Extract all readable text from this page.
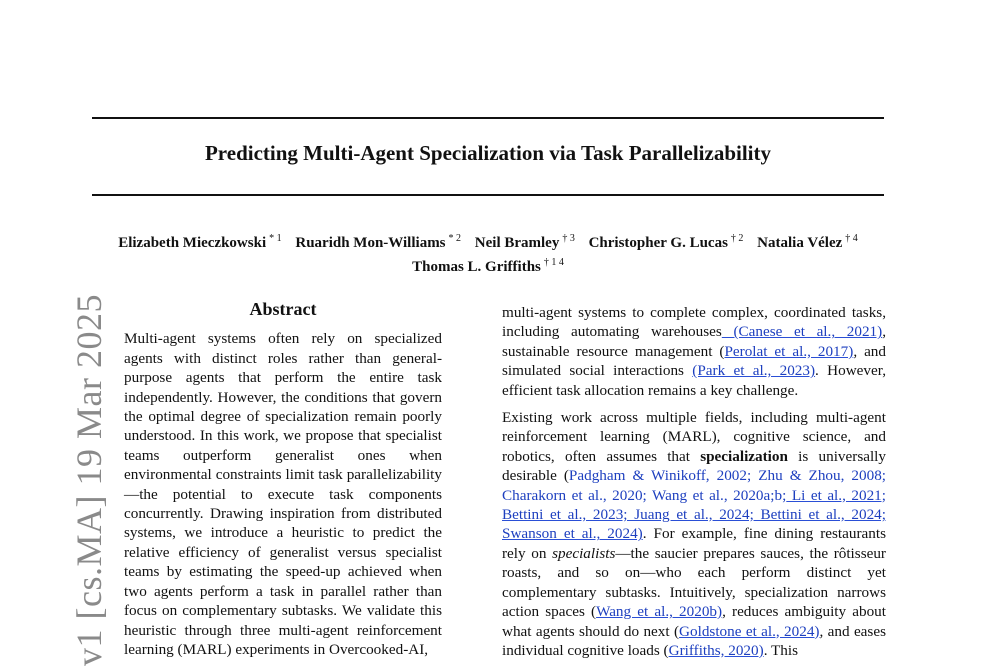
Predicting Multi-Agent Specialization via Task Parallelizability
Elizabeth Mieczkowski $^{* 1}$ Ruaridh Mon-Williams $^{* 2}$ Neil Bramley $^{\dagger 3}$ Christopher G. Lucas $^{\dagger 2}$ Natalia Vélez $^{\dagger 4}$
Thomas L. Griffiths $^{\dagger 1 4}$
v1 [cs.MA] 19 Mar 2025	Abstract

Multi-agent systems often rely on specialized agents with distinct roles rather than general-purpose agents that perform the entire task independently. However, the conditions that govern the optimal degree of specialization remain poorly understood. In this work, we propose that specialist teams outperform generalist ones when environmental constraints limit task parallelizability—the potential to execute task components concurrently. Drawing inspiration from distributed systems, we introduce a heuristic to predict the relative efficiency of generalist versus specialist teams by estimating the speed-up achieved when two agents perform a task in parallel rather than focus on complementary subtasks. We validate this heuristic through three multi-agent reinforcement learning (MARL) experiments in Overcooked-AI,

multi-agent systems to complete complex, coordinated tasks, including automating warehouses (Canese et al., 2021), sustainable resource management (Perolat et al., 2017), and simulated social interactions (Park et al., 2023). However, efficient task allocation remains a key challenge.

Existing work across multiple fields, including multi-agent reinforcement learning (MARL), cognitive science, and robotics, often assumes that specialization is universally desirable (Padgham & Winikoff, 2002; Zhu & Zhou, 2008; Charakorn et al., 2020; Wang et al., 2020a;b; Li et al., 2021; Bettini et al., 2023; Juang et al., 2024; Bettini et al., 2024; Swanson et al., 2024). For example, fine dining restaurants rely on specialists—the saucier prepares sauces, the rôtisseur roasts, and so on—who each perform distinct yet complementary subtasks. Intuitively, specialization narrows action spaces (Wang et al., 2020b), reduces ambiguity about what agents should do next (Goldstone et al., 2024), and eases individual cognitive loads (Griffiths, 2020). This
